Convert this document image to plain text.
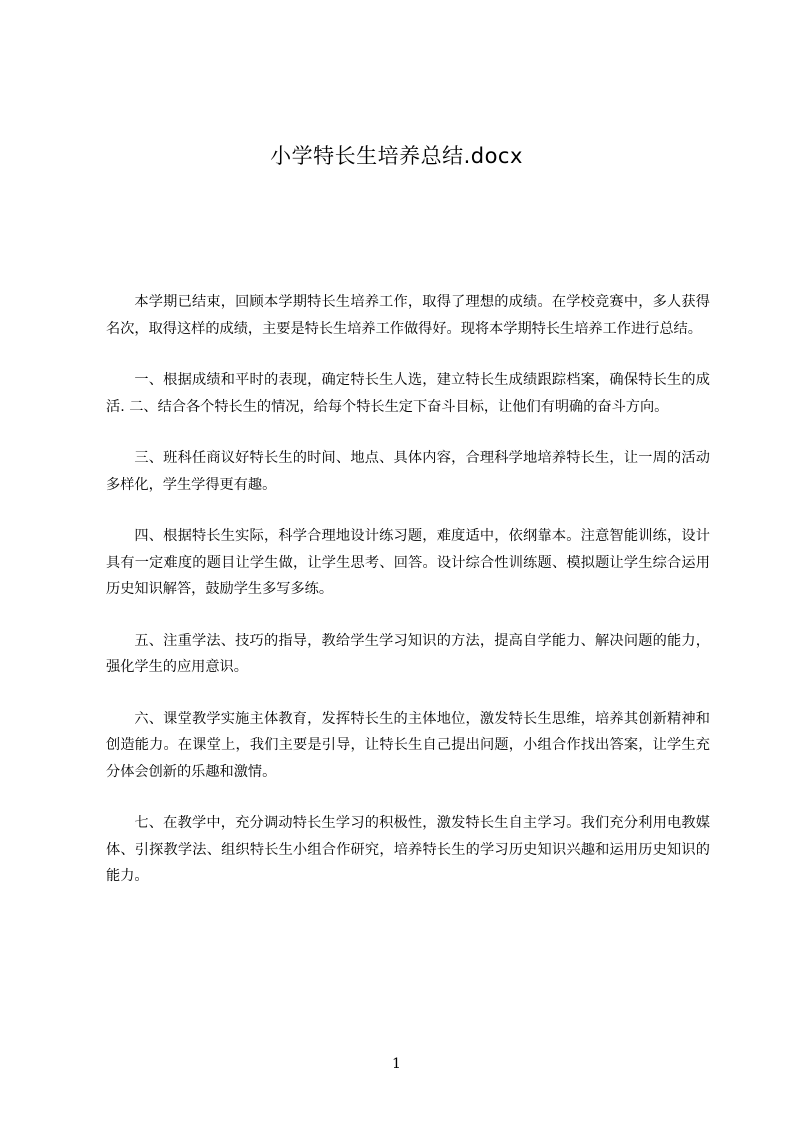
小学特长生培养总结.docx

本学期已结束，回顾本学期特长生培养工作，取得了理想的成绩。在学校竞赛中，多人获得名次，取得这样的成绩，主要是特长生培养工作做得好。现将本学期特长生培养工作进行总结。

一、根据成绩和平时的表现，确定特长生人选，建立特长生成绩跟踪档案，确保特长生的成活. 二、结合各个特长生的情况，给每个特长生定下奋斗目标，让他们有明确的奋斗方向。

三、班科任商议好特长生的时间、地点、具体内容，合理科学地培养特长生，让一周的活动多样化，学生学得更有趣。

四、根据特长生实际，科学合理地设计练习题，难度适中，依纲靠本。注意智能训练，设计具有一定难度的题目让学生做，让学生思考、回答。设计综合性训练题、模拟题让学生综合运用历史知识解答，鼓励学生多写多练。

五、注重学法、技巧的指导，教给学生学习知识的方法，提高自学能力、解决问题的能力，强化学生的应用意识。

六、课堂教学实施主体教育，发挥特长生的主体地位，激发特长生思维，培养其创新精神和创造能力。在课堂上，我们主要是引导，让特长生自己提出问题，小组合作找出答案，让学生充分体会创新的乐趣和激情。

七、在教学中，充分调动特长生学习的积极性，激发特长生自主学习。我们充分利用电教媒体、引探教学法、组织特长生小组合作研究，培养特长生的学习历史知识兴趣和运用历史知识的能力。

1
